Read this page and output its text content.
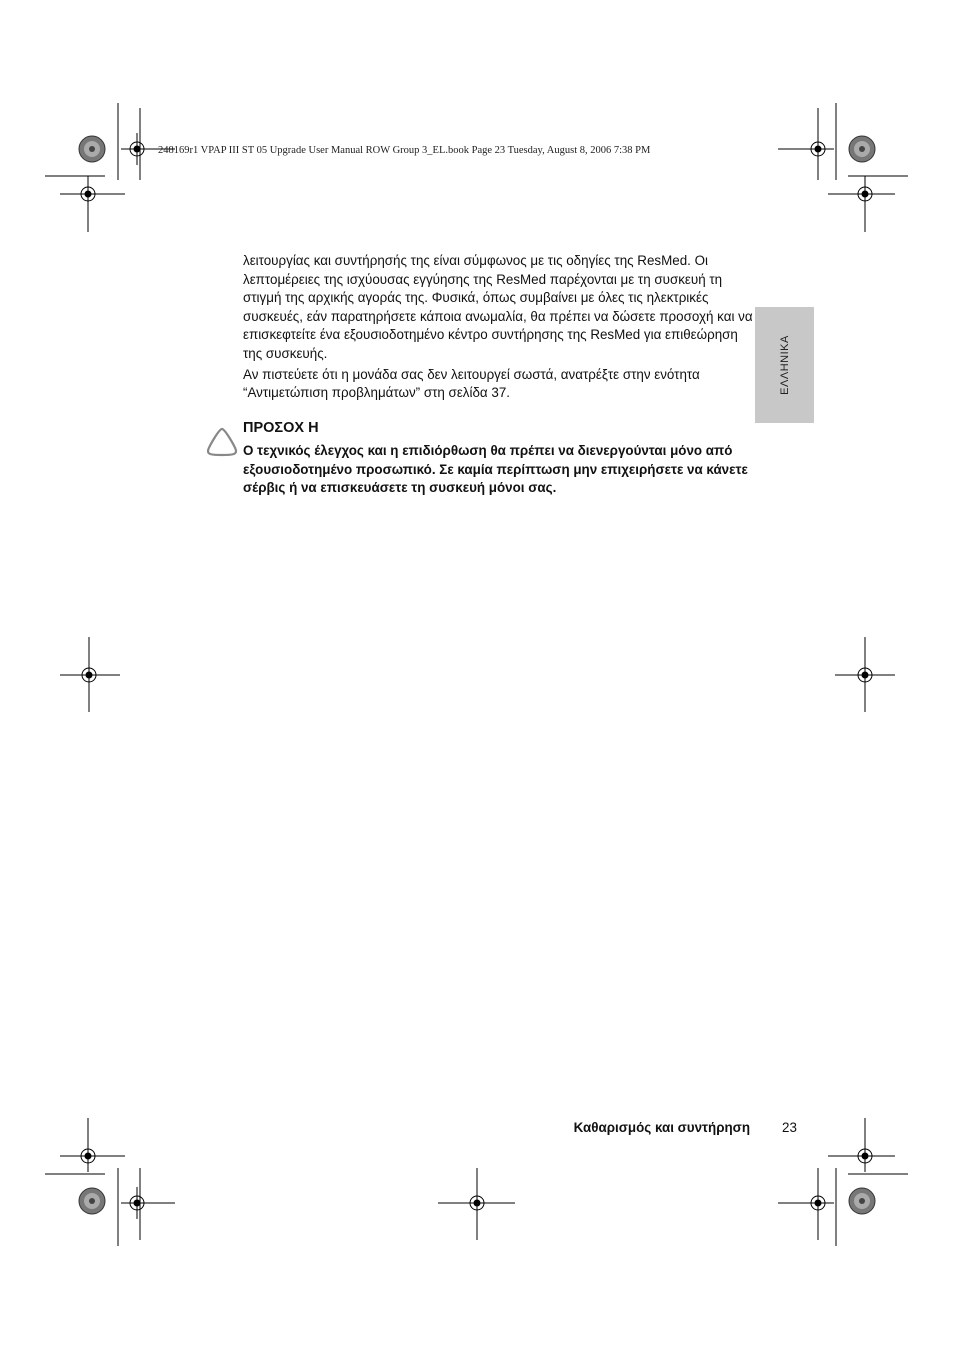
248169r1 VPAP III ST 05 Upgrade User Manual ROW Group 3_EL.book Page 23 Tuesday, August 8, 2006 7:38 PM

λειτουργίας και συντήρησής της είναι σύμφωνος με τις οδηγίες της ResMed. Οι λεπτομέρειες της ισχύουσας εγγύησης της ResMed παρέχονται με τη συσκευή τη στιγμή της αρχικής αγοράς της. Φυσικά, όπως συμβαίνει με όλες τις ηλεκτρικές συσκευές, εάν παρατηρήσετε κάποια ανωμαλία, θα πρέπει να δώσετε προσοχή και να επισκεφτείτε ένα εξουσιοδοτημένο κέντρο συντήρησης της ResMed για επιθεώρηση της συσκευής.

Αν πιστεύετε ότι η μονάδα σας δεν λειτουργεί σωστά, ανατρέξτε στην ενότητα “Αντιμετώπιση προβλημάτων” στη σελίδα 37.

ΠΡΟΣΟΧ Η
Ο τεχνικός έλεγχος και η επιδιόρθωση θα πρέπει να διενεργούνται μόνο από εξουσιοδοτημένο προσωπικό. Σε καμία περίπτωση μην επιχειρήσετε να κάνετε σέρβις ή να επισκευάσετε τη συσκευή μόνοι σας.
ΕΛΛΗΝΙΚΑ
Καθαρισμός και συντήρηση 23
